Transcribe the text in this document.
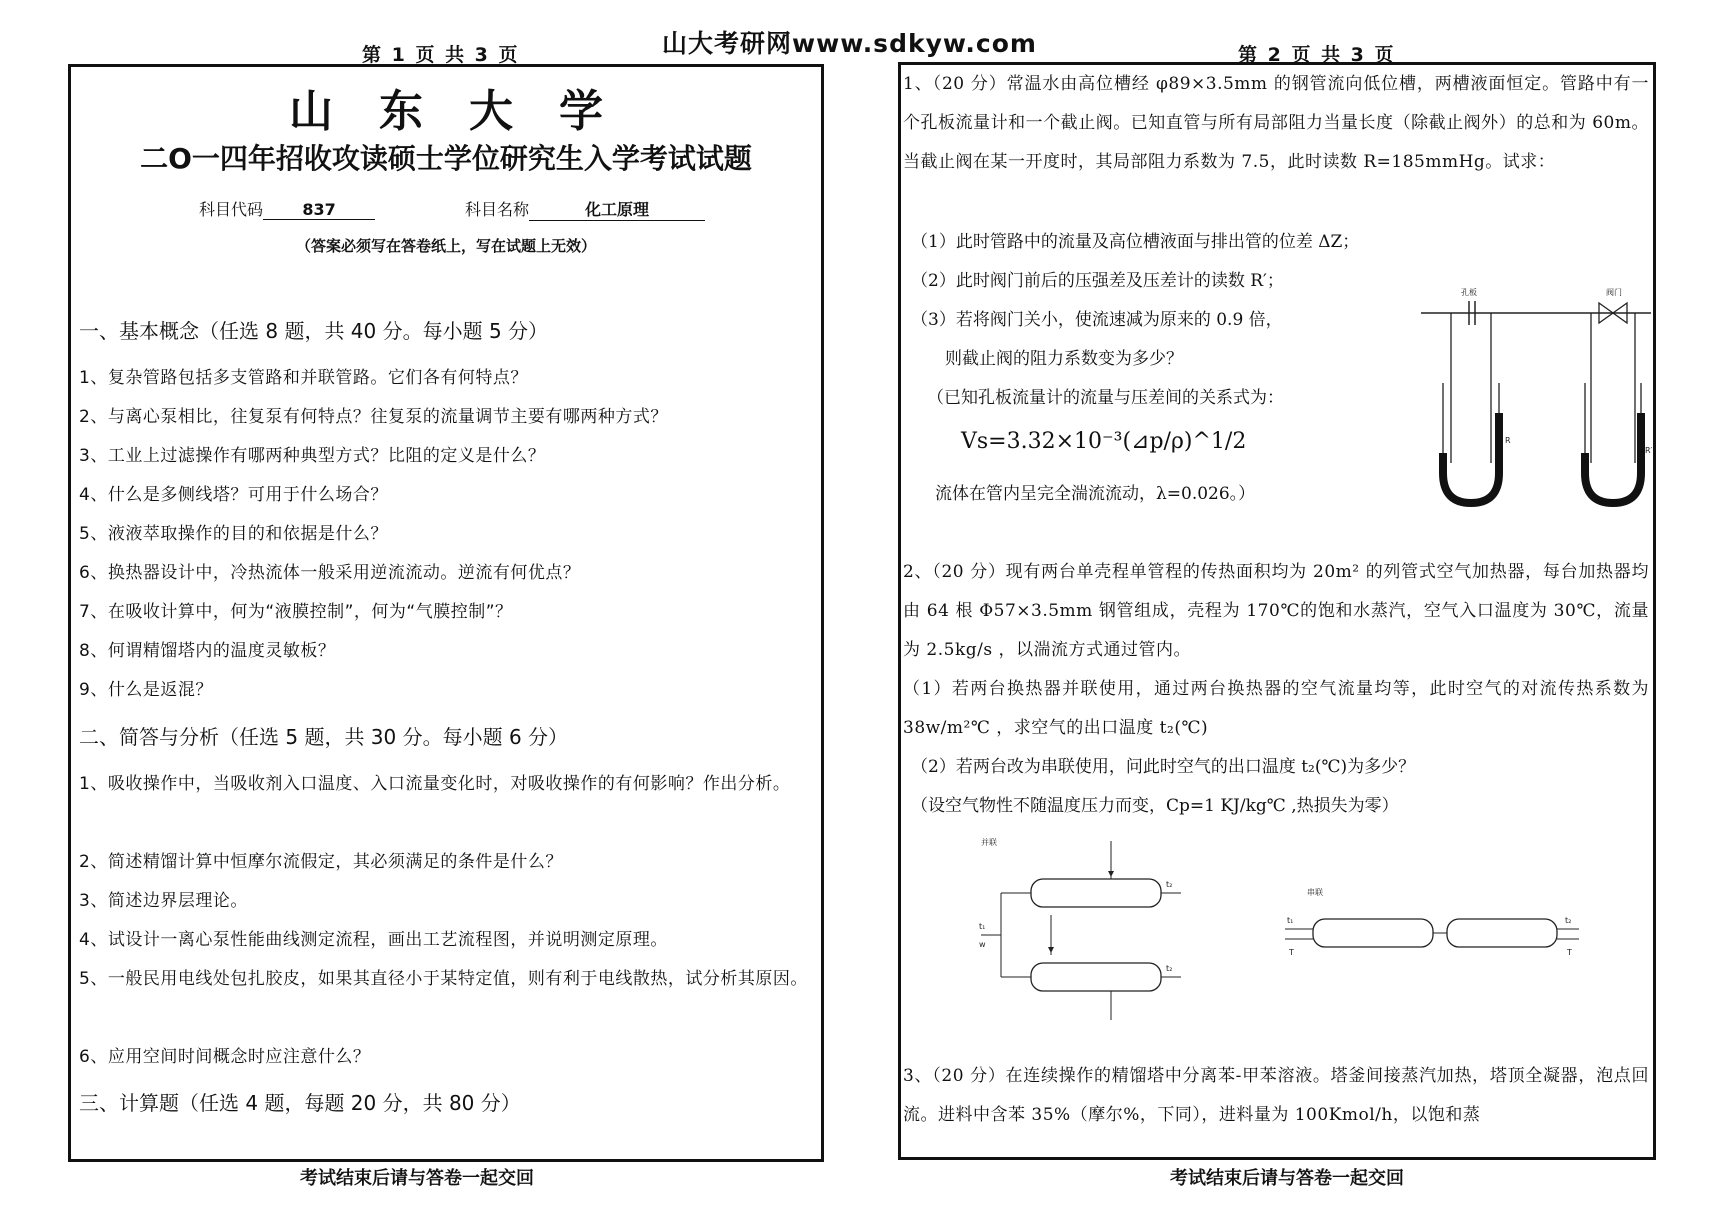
第 1 页 共 3 页	山大考研网www.sdkyw.com	第 2 页 共 3 页
山东大学
二O一四年招收攻读硕士学位研究生入学考试试题
科目代码 837	科目名称	化工原理
（答案必须写在答卷纸上，写在试题上无效）
一、基本概念（任选 8 题，共 40 分。每小题 5 分）
1、复杂管路包括多支管路和并联管路。它们各有何特点？
2、与离心泵相比，往复泵有何特点？往复泵的流量调节主要有哪两种方式？
3、工业上过滤操作有哪两种典型方式？比阻的定义是什么？
4、什么是多侧线塔？可用于什么场合？
5、液液萃取操作的目的和依据是什么？
6、换热器设计中，冷热流体一般采用逆流流动。逆流有何优点？
7、在吸收计算中，何为“液膜控制”，何为“气膜控制”？
8、何谓精馏塔内的温度灵敏板？
9、什么是返混？
二、简答与分析（任选 5 题，共 30 分。每小题 6 分）
1、吸收操作中，当吸收剂入口温度、入口流量变化时，对吸收操作的有何影响？作出分析。
2、简述精馏计算中恒摩尔流假定，其必须满足的条件是什么？
3、简述边界层理论。
4、试设计一离心泵性能曲线测定流程，画出工艺流程图，并说明测定原理。
5、一般民用电线处包扎胶皮，如果其直径小于某特定值，则有利于电线散热，试分析其原因。
6、应用空间时间概念时应注意什么？
三、计算题（任选 4 题，每题 20 分，共 80 分）
考试结束后请与答卷一起交回
1、（20 分）常温水由高位槽经 φ89×3.5mm 的钢管流向低位槽，两槽液面恒定。管路中有一个孔板流量计和一个截止阀。已知直管与所有局部阻力当量长度（除截止阀外）的总和为 60m。当截止阀在某一开度时，其局部阻力系数为 7.5，此时读数 R=185mmHg。试求：
（1）此时管路中的流量及高位槽液面与排出管的位差 ΔZ；
（2）此时阀门前后的压强差及压差计的读数 R′；
（3）若将阀门关小，使流速减为原来的 0.9 倍，
则截止阀的阻力系数变为多少？
（已知孔板流量计的流量与压差间的关系式为：
Vs=3.32×10⁻³(⊿p/ρ)^1/2
流体在管内呈完全湍流流动，λ=0.026。）
孔板	阀门
R
R′
2、（20 分）现有两台单壳程单管程的传热面积均为 20m² 的列管式空气加热器，每台加热器均由 64 根 Φ57×3.5mm 钢管组成，壳程为 170℃的饱和水蒸汽，空气入口温度为 30℃，流量为 2.5kg/s ，以湍流方式通过管内。
（1）若两台换热器并联使用，通过两台换热器的空气流量均等，此时空气的对流传热系数为 38w/m²℃ ，求空气的出口温度 t₂(℃)
（2）若两台改为串联使用，问此时空气的出口温度 t₂(℃)为多少？
（设空气物性不随温度压力而变，Cp=1 KJ/kg℃ ,热损失为零）
并联
t₁
w
t₂
t₂
串联
t₁
T
t₂
T
3、（20 分）在连续操作的精馏塔中分离苯-甲苯溶液。塔釜间接蒸汽加热，塔顶全凝器，泡点回流。进料中含苯 35%（摩尔%，下同），进料量为 100Kmol/h，以饱和蒸
考试结束后请与答卷一起交回
